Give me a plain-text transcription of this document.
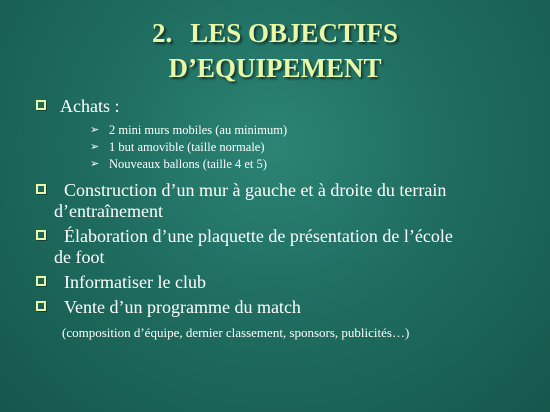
2. LES OBJECTIFS
D’EQUIPEMENT
Achats :
➢ 2 mini murs mobiles (au minimum)
➢ 1 but amovible (taille normale)
➢ Nouveaux ballons (taille 4 et 5)
Construction d’un mur à gauche et à droite du terrain
d’entraînement
Élaboration d’une plaquette de présentation de l’école
de foot
Informatiser le club
Vente d’un programme du match
(composition d’équipe, dernier classement, sponsors, publicités…)
